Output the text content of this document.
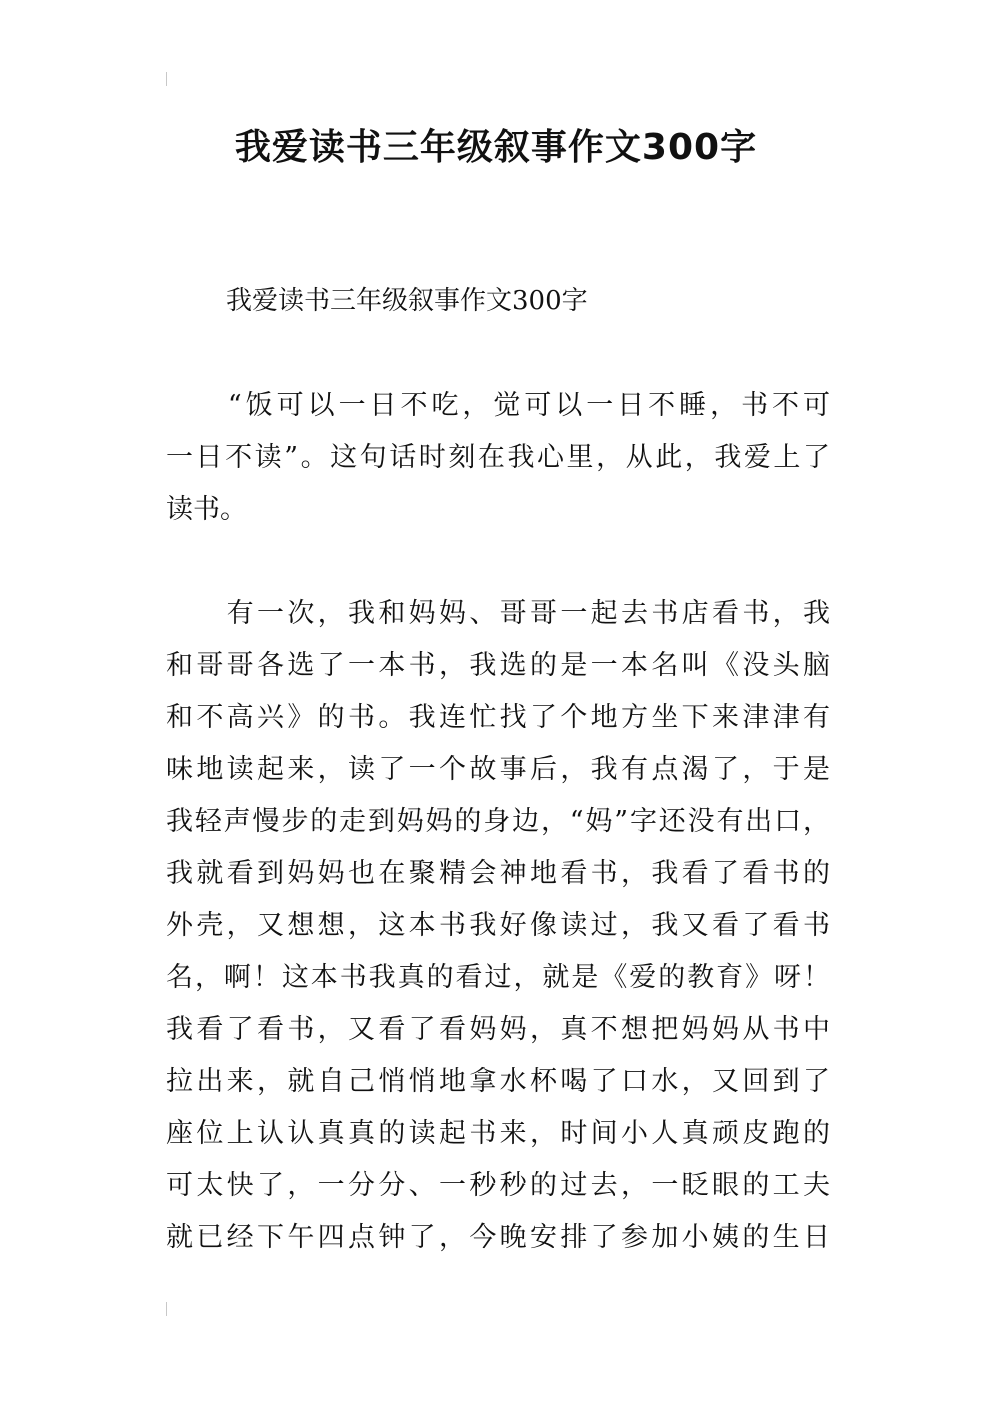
我爱读书三年级叙事作文300字

我爱读书三年级叙事作文300字

　　“饭可以一日不吃，觉可以一日不睡，书不可
一日不读”。这句话时刻在我心里，从此，我爱上了
读书。
　　有一次，我和妈妈、哥哥一起去书店看书，我
和哥哥各选了一本书，我选的是一本名叫《没头脑
和不高兴》的书。我连忙找了个地方坐下来津津有
味地读起来，读了一个故事后，我有点渴了，于是
我轻声慢步的走到妈妈的身边，“妈”字还没有出口，
我就看到妈妈也在聚精会神地看书，我看了看书的
外壳，又想想，这本书我好像读过，我又看了看书
名，啊！这本书我真的看过，就是《爱的教育》呀！
我看了看书，又看了看妈妈，真不想把妈妈从书中
拉出来，就自己悄悄地拿水杯喝了口水，又回到了
座位上认认真真的读起书来，时间小人真顽皮跑的
可太快了，一分分、一秒秒的过去，一眨眼的工夫
就已经下午四点钟了，今晚安排了参加小姨的生日
